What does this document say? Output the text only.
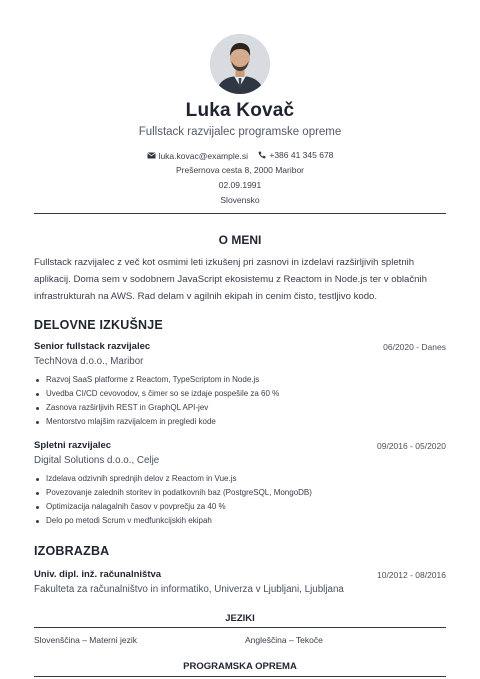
Luka Kovač
Fullstack razvijalec programske opreme
luka.kovac@example.si
	+386 41 345 678
Prešernova cesta 8, 2000 Maribor
02.09.1991
Slovensko
O MENI
Fullstack razvijalec z več kot osmimi leti izkušenj pri zasnovi in izdelavi razširljivih spletnih aplikacij. Doma sem v sodobnem JavaScript ekosistemu z Reactom in Node.js ter v oblačnih infrastrukturah na AWS. Rad delam v agilnih ekipah in cenim čisto, testljivo kodo.
DELOVNE IZKUŠNJE
Senior fullstack razvijalec	06/2020 - Danes
TechNova d.o.o., Maribor
Razvoj SaaS platforme z Reactom, TypeScriptom in Node.js
Uvedba CI/CD cevovodov, s čimer so se izdaje pospešile za 60 %
Zasnova razširljivih REST in GraphQL API-jev
Mentorstvo mlajšim razvijalcem in pregledi kode
Spletni razvijalec	09/2016 - 05/2020
Digital Solutions d.o.o., Celje
Izdelava odzivnih sprednjih delov z Reactom in Vue.js
Povezovanje zalednih storitev in podatkovnih baz (PostgreSQL, MongoDB)
Optimizacija nalagalnih časov v povprečju za 40 %
Delo po metodi Scrum v medfunkcijskih ekipah
IZOBRAZBA
Univ. dipl. inž. računalništva	10/2012 - 08/2016
Fakulteta za računalništvo in informatiko, Univerza v Ljubljani, Ljubljana
JEZIKI
Slovenščina – Materni jezik	Angleščina – Tekoče
PROGRAMSKA OPREMA
